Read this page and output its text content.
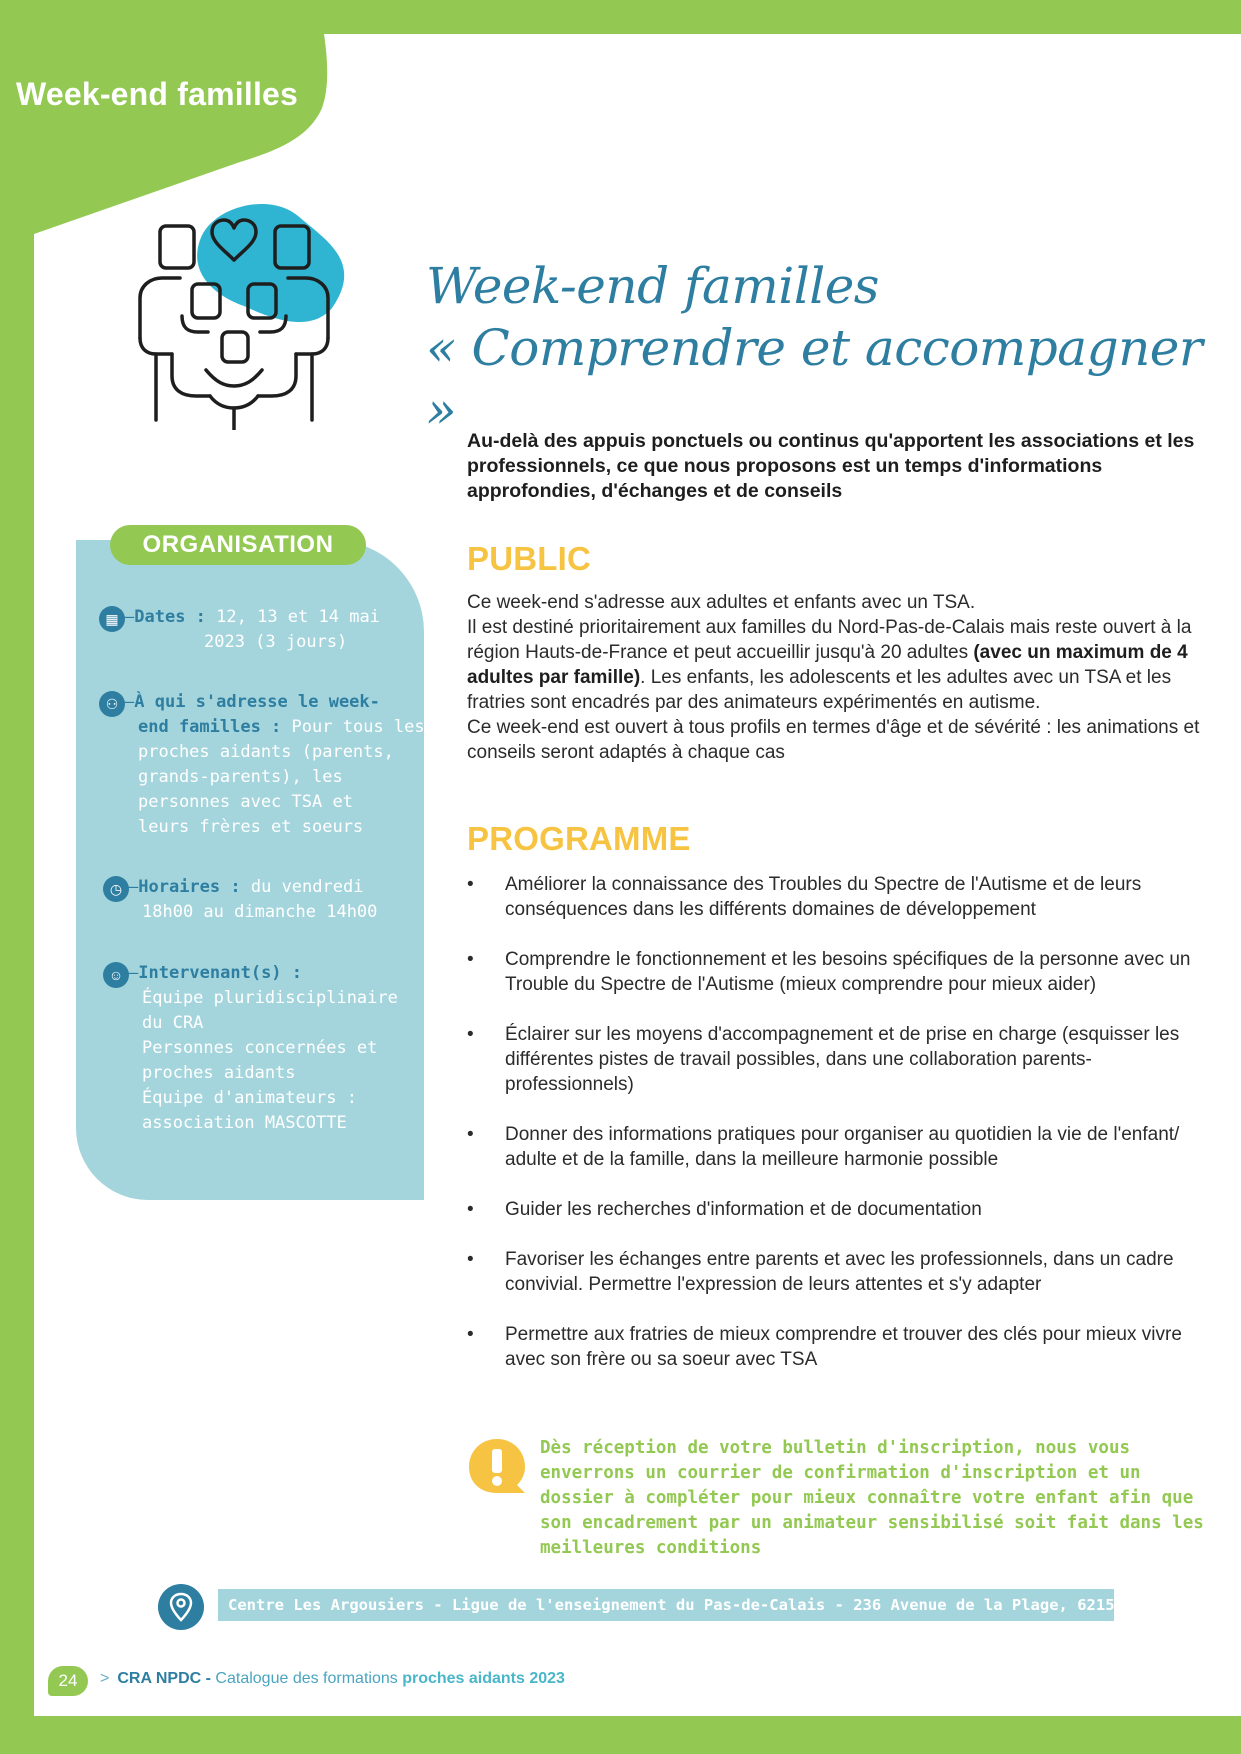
Week-end familles
Week-end familles
« Comprendre et accompagner »
Au-delà des appuis ponctuels ou continus qu'apportent les associations et les professionnels, ce que nous proposons est un temps d'informations approfondies, d'échanges et de conseils
ORGANISATION
▦ –Dates : 12, 13 et 14 mai
2023 (3 jours)
⚇ –À qui s'adresse le week-
end familles : Pour tous les
proches aidants (parents,
grands-parents), les
personnes avec TSA et
leurs frères et soeurs
◷ –Horaires : du vendredi
18h00 au dimanche 14h00
☺ –Intervenant(s) :
Équipe pluridisciplinaire
du CRA
Personnes concernées et
proches aidants
Équipe d'animateurs :
association MASCOTTE
PUBLIC
Ce week-end s'adresse aux adultes et enfants avec un TSA.
Il est destiné prioritairement aux familles du Nord-Pas-de-Calais mais reste ouvert à la région Hauts-de-France et peut accueillir jusqu'à 20 adultes (avec un maximum de 4 adultes par famille). Les enfants, les adolescents et les adultes avec un TSA et les fratries sont encadrés par des animateurs expérimentés en autisme.
Ce week-end est ouvert à tous profils en termes d'âge et de sévérité : les animations et conseils seront adaptés à chaque cas
PROGRAMME
• Améliorer la connaissance des Troubles du Spectre de l'Autisme et de leurs conséquences dans les différents domaines de développement
• Comprendre le fonctionnement et les besoins spécifiques de la personne avec un Trouble du Spectre de l'Autisme (mieux comprendre pour mieux aider)
• Éclairer sur les moyens d'accompagnement et de prise en charge (esquisser les différentes pistes de travail possibles, dans une collaboration parents-professionnels)
• Donner des informations pratiques pour organiser au quotidien la vie de l'enfant/ adulte et de la famille, dans la meilleure harmonie possible
• Guider les recherches d'information et de documentation
• Favoriser les échanges entre parents et avec les professionnels, dans un cadre convivial. Permettre l'expression de leurs attentes et s'y adapter
• Permettre aux fratries de mieux comprendre et trouver des clés pour mieux vivre avec son frère ou sa soeur avec TSA
Dès réception de votre bulletin d'inscription, nous vous enverrons un courrier de confirmation d'inscription et un dossier à compléter pour mieux connaître votre enfant afin que son encadrement par un animateur sensibilisé soit fait dans les meilleures conditions
Centre Les Argousiers - Ligue de l'enseignement du Pas-de-Calais - 236 Avenue de la Plage, 62155 MERLIMONT
24	> CRA NPDC - Catalogue des formations proches aidants 2023
